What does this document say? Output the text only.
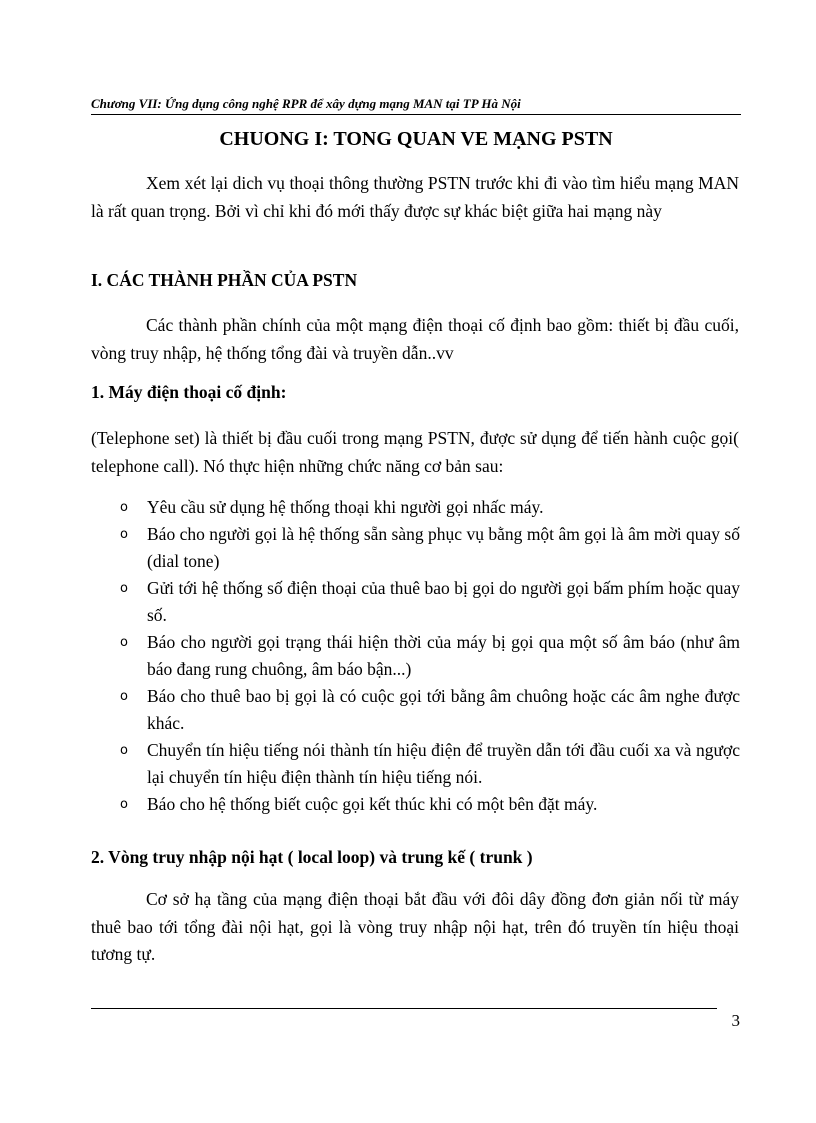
Chương VII: Ứng dụng công nghệ RPR để xây dựng mạng MAN tại TP Hà Nội
CHUONG I: TONG QUAN VE MẠNG PSTN
Xem xét lại dich vụ thoại thông thường PSTN trước khi đi vào tìm hiểu mạng MAN là rất quan trọng. Bởi vì chỉ khi đó mới thấy được sự khác biệt giữa hai mạng này
I. CÁC THÀNH PHẦN CỦA PSTN
Các thành phần chính của một mạng điện thoại cố định bao gồm: thiết bị đầu cuối, vòng truy nhập, hệ thống tổng đài và truyền dẫn..vv
1. Máy điện thoại cố định:
(Telephone set) là thiết bị đầu cuối trong mạng PSTN, được sử dụng để tiến hành cuộc gọi( telephone call). Nó thực hiện những chức năng cơ bản sau:
o	Yêu cầu sử dụng hệ thống thoại khi người gọi nhấc máy.
o	Báo cho người gọi là hệ thống sẵn sàng phục vụ bằng một âm gọi là âm mời quay số (dial tone)
o	Gửi tới hệ thống số điện thoại của thuê bao bị gọi do người gọi bấm phím hoặc quay số.
o	Báo cho người gọi trạng thái hiện thời của máy bị gọi qua một số âm báo (như âm báo đang rung chuông, âm báo bận...)
o	Báo cho thuê bao bị gọi là có cuộc gọi tới bằng âm chuông hoặc các âm nghe được khác.
o	Chuyển tín hiệu tiếng nói thành tín hiệu điện để truyền dẫn tới đầu cuối xa và ngược lại chuyển tín hiệu điện thành tín hiệu tiếng nói.
o	Báo cho hệ thống biết cuộc gọi kết thúc khi có một bên đặt máy.
2. Vòng truy nhập nội hạt ( local loop) và trung kế ( trunk )
Cơ sở hạ tầng của mạng điện thoại bắt đầu với đôi dây đồng đơn giản nối từ máy thuê bao tới tổng đài nội hạt, gọi là vòng truy nhập nội hạt, trên đó truyền tín hiệu thoại tương tự.
3
